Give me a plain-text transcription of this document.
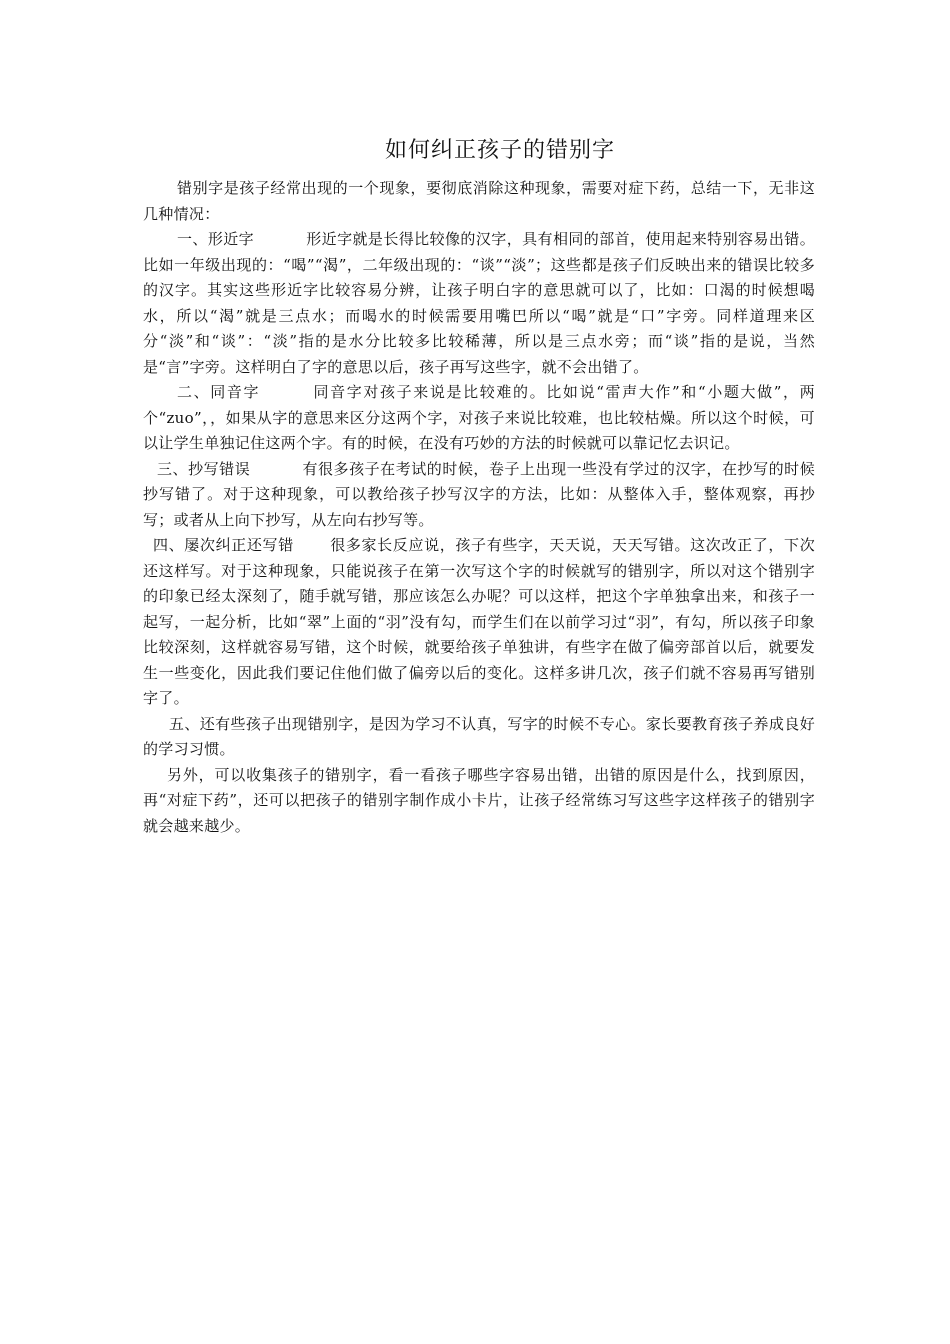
如何纠正孩子的错别字

错别字是孩子经常出现的一个现象，要彻底消除这种现象，需要对症下药，总结一下，无非这几种情况：

一、形近字	形近字就是长得比较像的汉字，具有相同的部首，使用起来特别容易出错。比如一年级出现的：“喝”“渴”，二年级出现的：“谈”“淡”；这些都是孩子们反映出来的错误比较多的汉字。其实这些形近字比较容易分辨，让孩子明白字的意思就可以了，比如：口渴的时候想喝水，所以“渴”就是三点水；而喝水的时候需要用嘴巴所以“喝”就是“口”字旁。同样道理来区分“淡”和“谈”：“淡”指的是水分比较多比较稀薄，所以是三点水旁；而“谈”指的是说，当然是“言”字旁。这样明白了字的意思以后，孩子再写这些字，就不会出错了。

二、同音字	同音字对孩子来说是比较难的。比如说“雷声大作”和“小题大做”，两个“zuo”，，如果从字的意思来区分这两个字，对孩子来说比较难，也比较枯燥。所以这个时候，可以让学生单独记住这两个字。有的时候，在没有巧妙的方法的时候就可以靠记忆去识记。

三、抄写错误	有很多孩子在考试的时候，卷子上出现一些没有学过的汉字，在抄写的时候抄写错了。对于这种现象，可以教给孩子抄写汉字的方法，比如：从整体入手，整体观察，再抄写；或者从上向下抄写，从左向右抄写等。

四、屡次纠正还写错 很多家长反应说，孩子有些字，天天说，天天写错。这次改正了，下次还这样写。对于这种现象，只能说孩子在第一次写这个字的时候就写的错别字，所以对这个错别字的印象已经太深刻了，随手就写错，那应该怎么办呢？可以这样，把这个字单独拿出来，和孩子一起写，一起分析，比如“翠”上面的“羽”没有勾，而学生们在以前学习过“羽”，有勾，所以孩子印象比较深刻，这样就容易写错，这个时候，就要给孩子单独讲，有些字在做了偏旁部首以后，就要发生一些变化，因此我们要记住他们做了偏旁以后的变化。这样多讲几次，孩子们就不容易再写错别字了。

五、还有些孩子出现错别字，是因为学习不认真，写字的时候不专心。家长要教育孩子养成良好的学习习惯。

另外，可以收集孩子的错别字，看一看孩子哪些字容易出错，出错的原因是什么，找到原因，再“对症下药”，还可以把孩子的错别字制作成小卡片，让孩子经常练习写这些字这样孩子的错别字就会越来越少。
